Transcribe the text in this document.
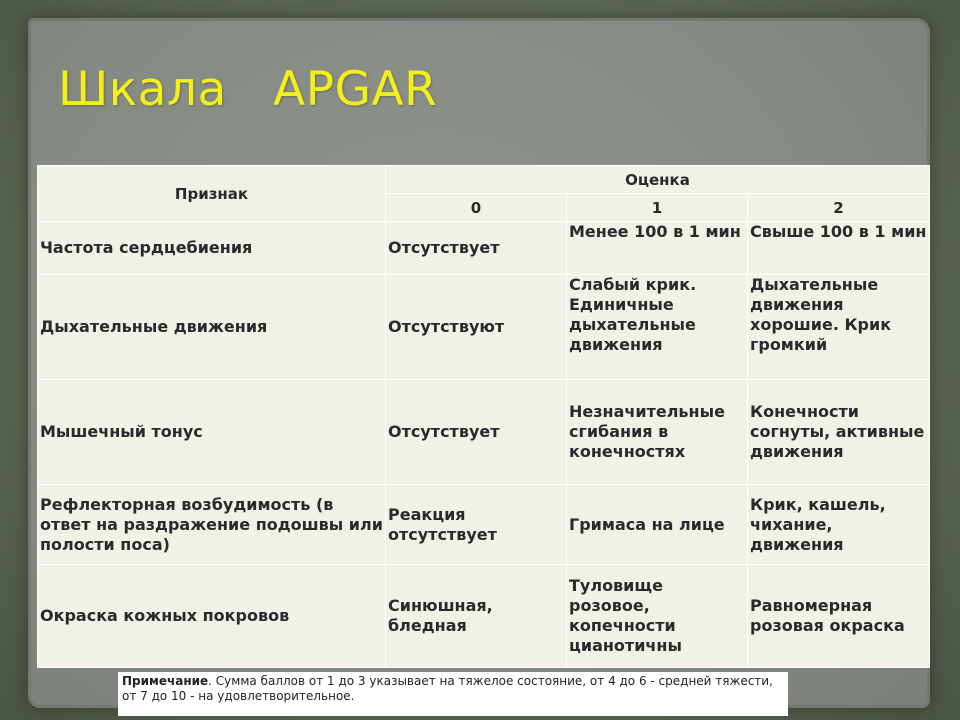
Шкала   APGAR
Признак	Оценка		
	0	1	2
Частота сердцебиения	Отсутствует	Менее 100 в 1 мин	Свыше 100 в 1 мин
Дыхательные движения	Отсутствуют	Слабый крик. Единичные дыхательные движения	Дыхательные движения хорошие. Крик громкий
Мышечный тонус	Отсутствует	Незначительные сгибания в конечностях	Конечности согнуты, активные движения
Рефлекторная возбудимость (в ответ на раздражение подошвы или полости поса)	Реакция отсутствует	Гримаса на лице	Крик, кашель, чихание, движения
Окраска кожных покровов	Синюшная, бледная	Туловище розовое, копечности цианотичны	Равномерная розовая окраска
Примечание. Сумма баллов от 1 до 3 указывает на тяжелое состояние, от 4 до 6 - средней тяжести, от 7 до 10 - на удовлетворительное.
